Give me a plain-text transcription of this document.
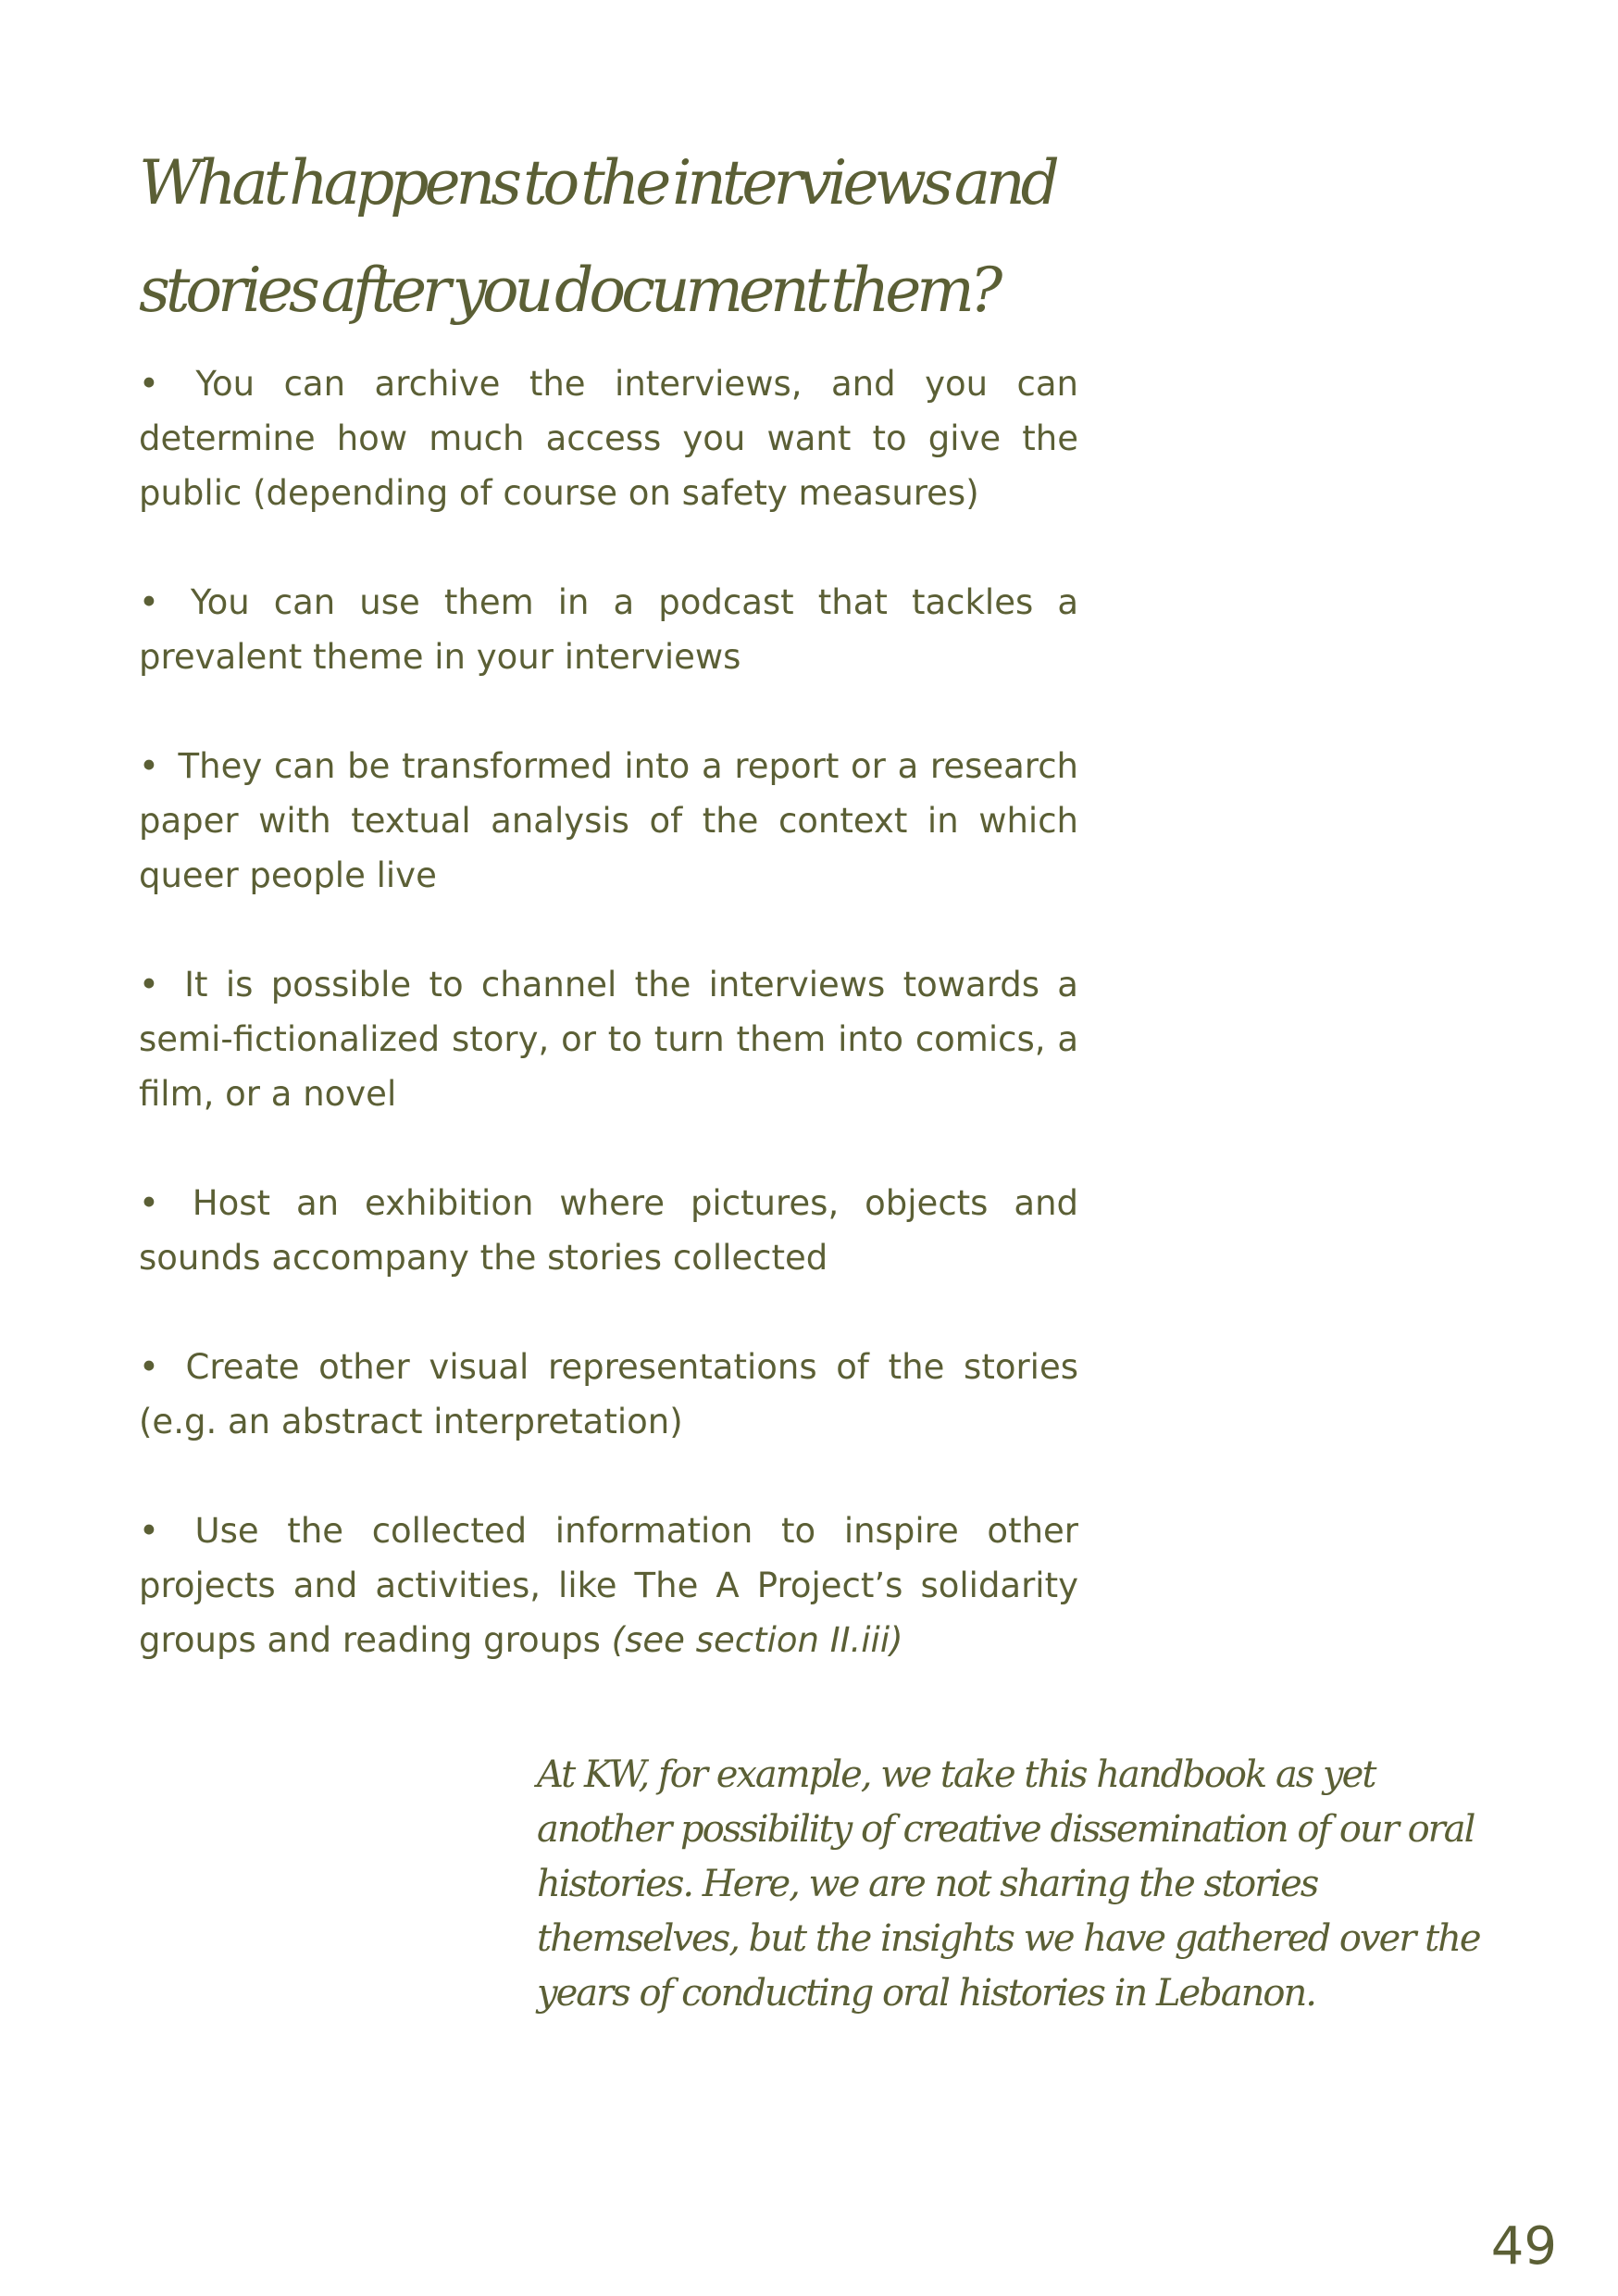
What happens to the interviews and
stories after you document them?
• You can archive the interviews, and you can determine how much access you want to give the public (depending of course on safety measures)
• You can use them in a podcast that tackles a prevalent theme in your interviews
• They can be transformed into a report or a research paper with textual analysis of the context in which queer people live
• It is possible to channel the interviews towards a semi-fictionalized story, or to turn them into comics, a film, or a novel
• Host an exhibition where pictures, objects and sounds accompany the stories collected
• Create other visual representations of the stories (e.g. an abstract interpretation)
• Use the collected information to inspire other projects and activities, like The A Project’s solidarity groups and reading groups (see section II.iii)

At KW, for example, we take this handbook as yet another possibility of creative dissemination of our oral histories. Here, we are not sharing the stories themselves, but the insights we have gathered over the years of conducting oral histories in Lebanon.

49
